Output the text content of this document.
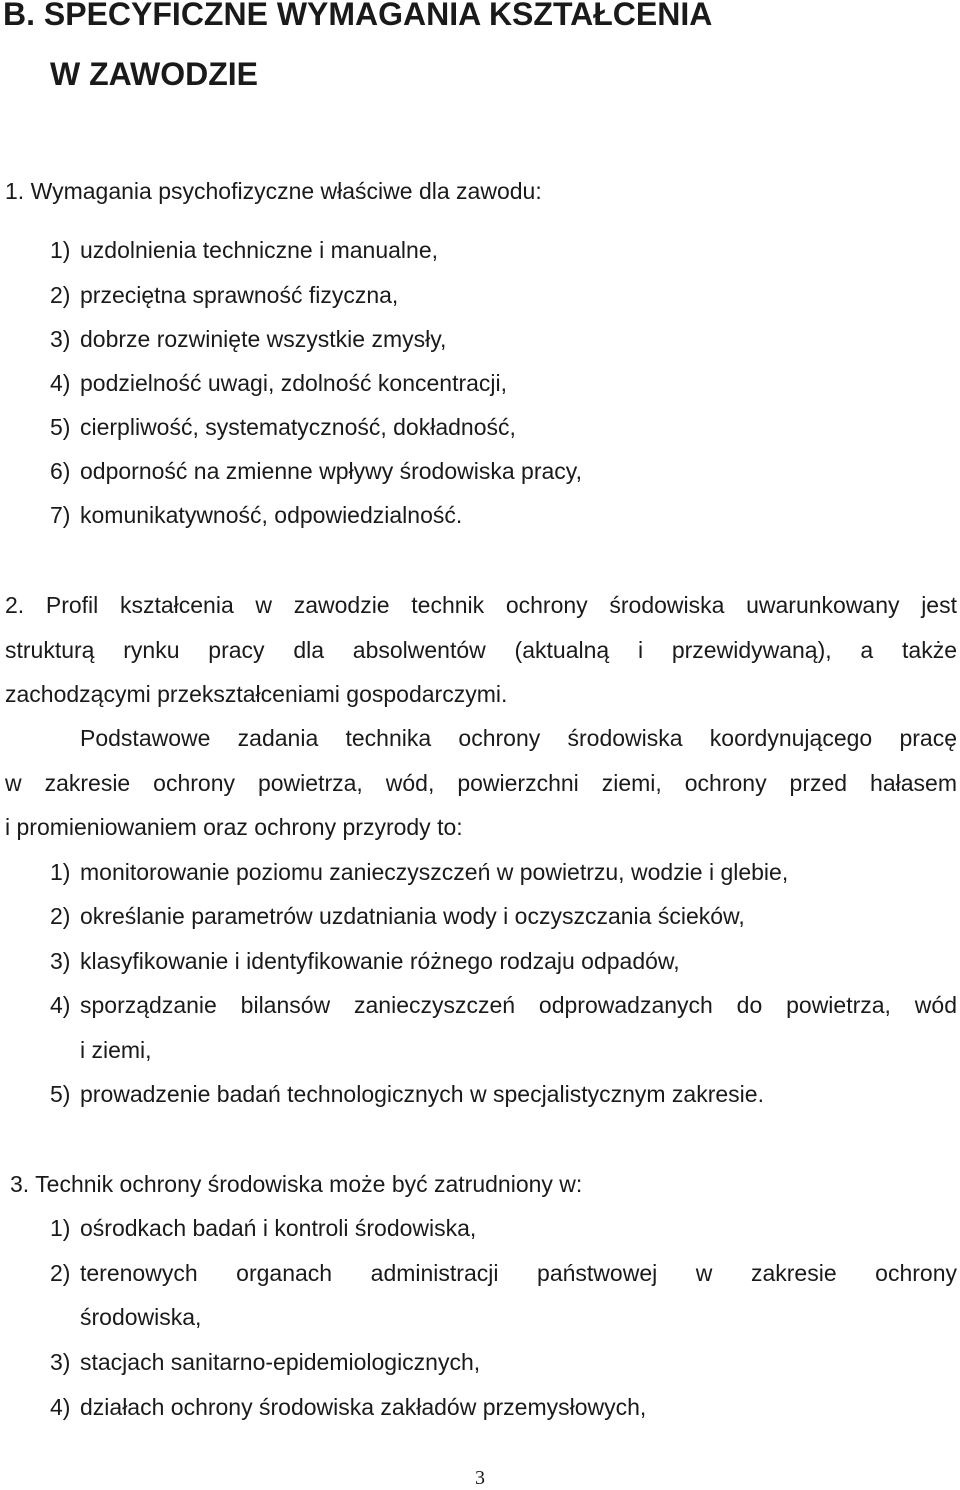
B. SPECYFICZNE WYMAGANIA KSZTAŁCENIA
W ZAWODZIE
1. Wymagania psychofizyczne właściwe dla zawodu:
1) uzdolnienia techniczne i manualne,
2) przeciętna sprawność fizyczna,
3) dobrze rozwinięte wszystkie zmysły,
4) podzielność uwagi, zdolność koncentracji,
5) cierpliwość, systematyczność, dokładność,
6) odporność na zmienne wpływy środowiska pracy,
7) komunikatywność, odpowiedzialność.
2. Profil kształcenia w zawodzie technik ochrony środowiska uwarunkowany jest
strukturą rynku pracy dla absolwentów (aktualną i przewidywaną), a także
zachodzącymi przekształceniami gospodarczymi.
Podstawowe zadania technika ochrony środowiska koordynującego pracę
w zakresie ochrony powietrza, wód, powierzchni ziemi, ochrony przed hałasem
i promieniowaniem oraz ochrony przyrody to:
1) monitorowanie poziomu zanieczyszczeń w powietrzu, wodzie i glebie,
2) określanie parametrów uzdatniania wody i oczyszczania ścieków,
3) klasyfikowanie i identyfikowanie różnego rodzaju odpadów,
4) sporządzanie bilansów zanieczyszczeń odprowadzanych do powietrza, wód
i ziemi,
5) prowadzenie badań technologicznych w specjalistycznym zakresie.
3. Technik ochrony środowiska może być zatrudniony w:
1) ośrodkach badań i kontroli środowiska,
2) terenowych organach administracji państwowej w zakresie ochrony
środowiska,
3) stacjach sanitarno-epidemiologicznych,
4) działach ochrony środowiska zakładów przemysłowych,
3
